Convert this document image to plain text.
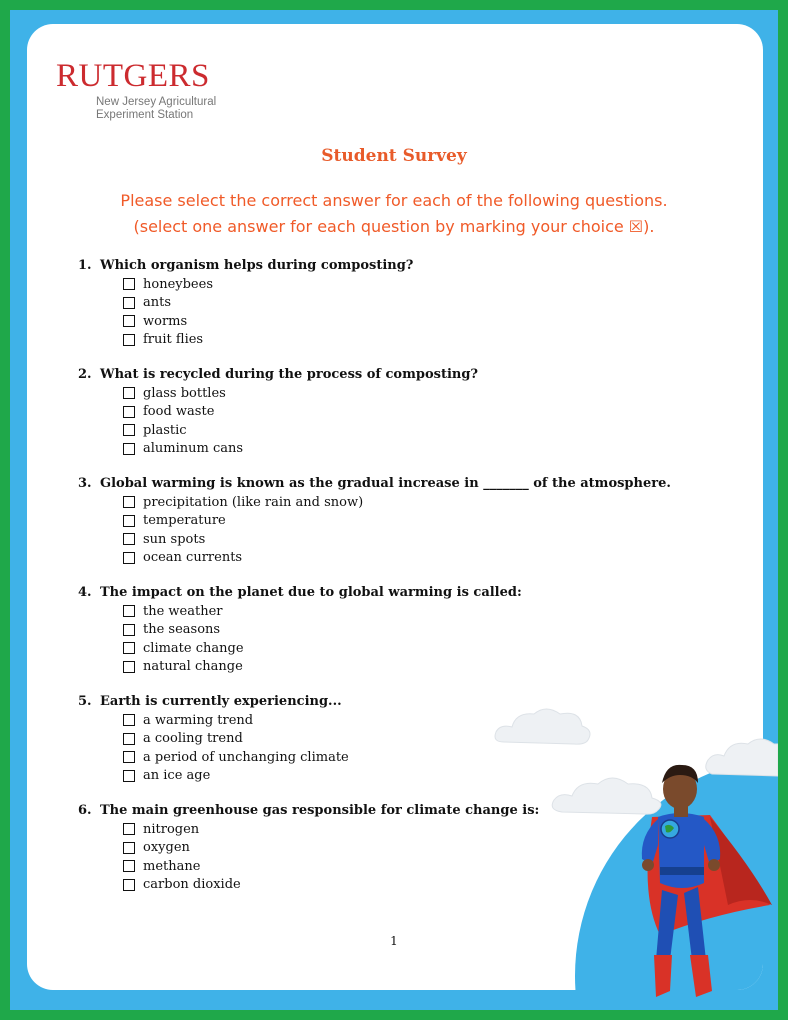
RUTGERS
New Jersey Agricultural
Experiment Station
Student Survey
Please select the correct answer for each of the following questions.
(select one answer for each question by marking your choice ☒).
1. Which organism helps during composting?
honeybees
ants
worms
fruit flies
2. What is recycled during the process of composting?
glass bottles
food waste
plastic
aluminum cans
3. Global warming is known as the gradual increase in _______ of the atmosphere.
precipitation (like rain and snow)
temperature
sun spots
ocean currents
4. The impact on the planet due to global warming is called:
the weather
the seasons
climate change
natural change
5. Earth is currently experiencing...
a warming trend
a cooling trend
a period of unchanging climate
an ice age
6. The main greenhouse gas responsible for climate change is:
nitrogen
oxygen
methane
carbon dioxide
1
